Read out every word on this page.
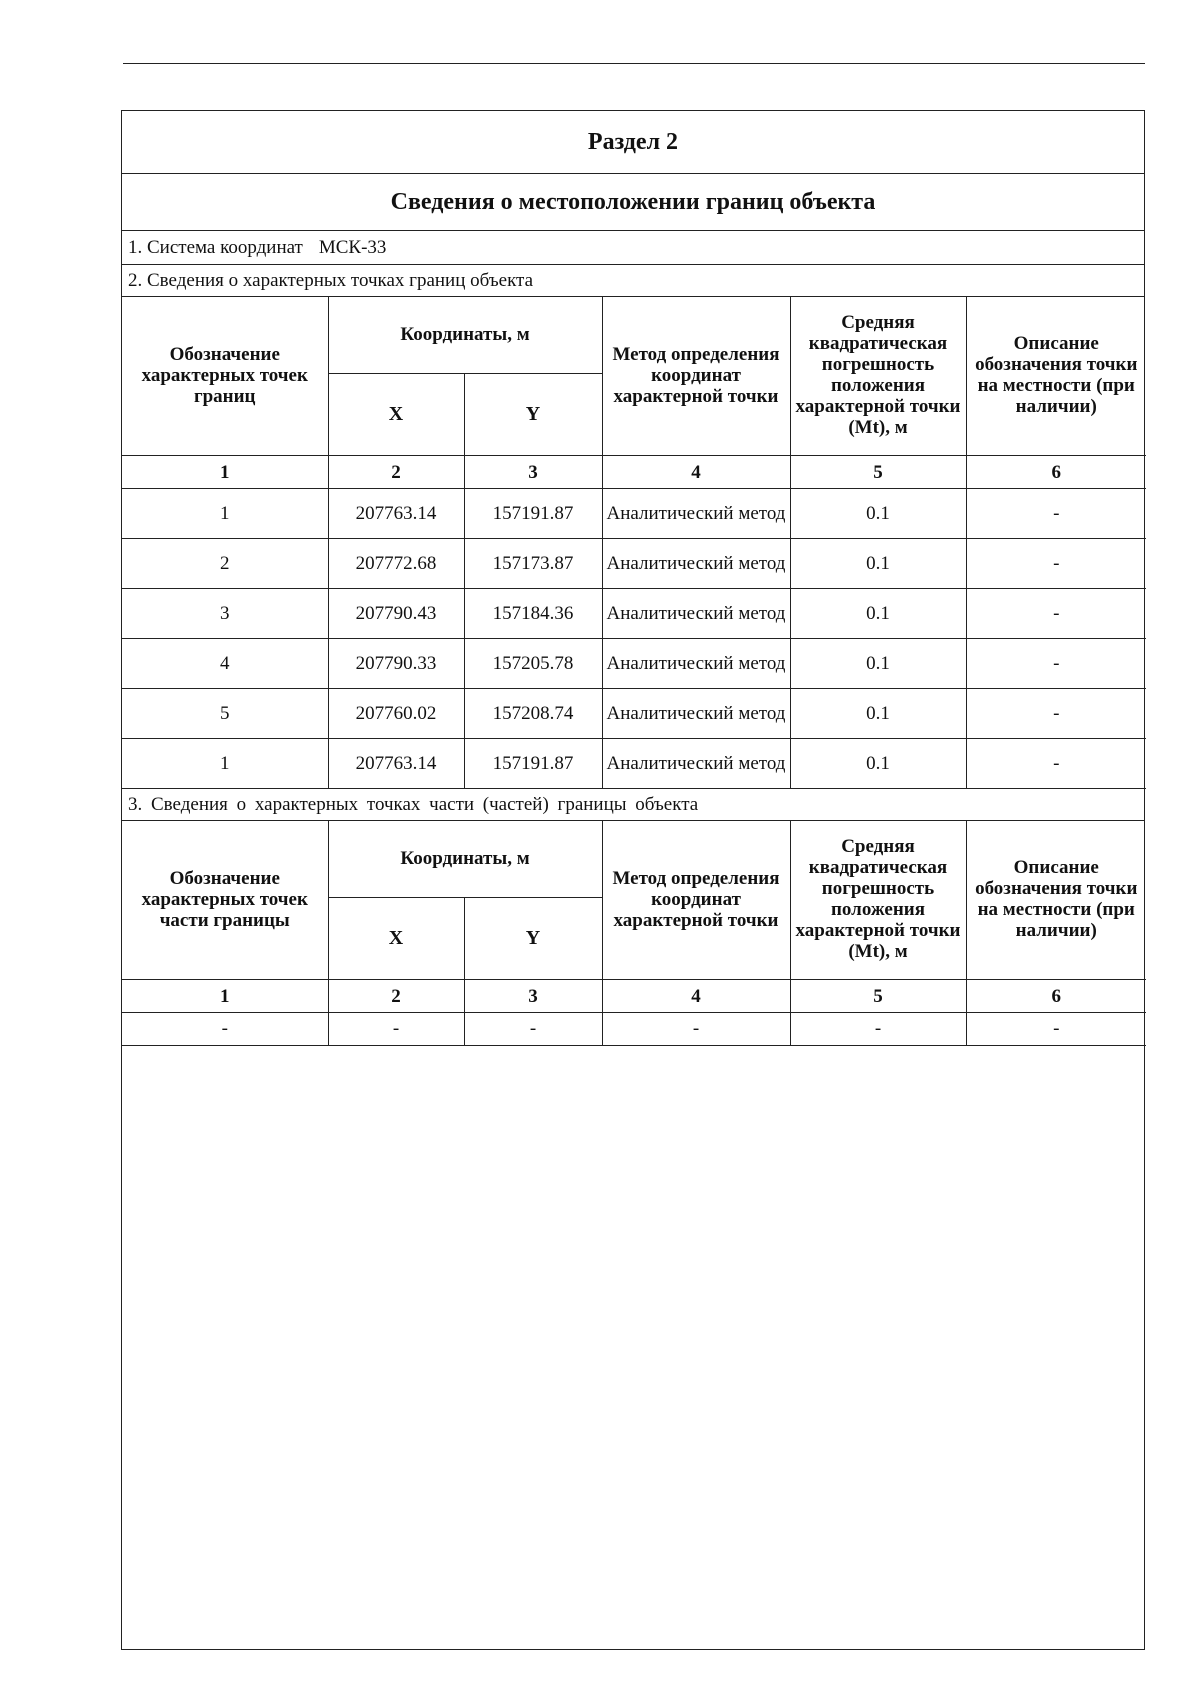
Раздел 2
Сведения о местоположении границ объекта
1. Система координат МСК-33
2. Сведения о характерных точках границ объекта
Обозначение характерных точек границ	Координаты, м		Метод определения координат характерной точки	Средняя квадратическая погрешность положения характерной точки (Mt), м	Описание обозначения точки на местности (при наличии)
	X	Y			
1	2	3	4	5	6
1	207763.14	157191.87	Аналитический метод	0.1	-
2	207772.68	157173.87	Аналитический метод	0.1	-
3	207790.43	157184.36	Аналитический метод	0.1	-
4	207790.33	157205.78	Аналитический метод	0.1	-
5	207760.02	157208.74	Аналитический метод	0.1	-
1	207763.14	157191.87	Аналитический метод	0.1	-
3. Сведения о характерных точках части (частей) границы объекта
Обозначение характерных точек части границы	Координаты, м		Метод определения координат характерной точки	Средняя квадратическая погрешность положения характерной точки (Mt), м	Описание обозначения точки на местности (при наличии)
	X	Y			
1	2	3	4	5	6
-	-	-	-	-	-
